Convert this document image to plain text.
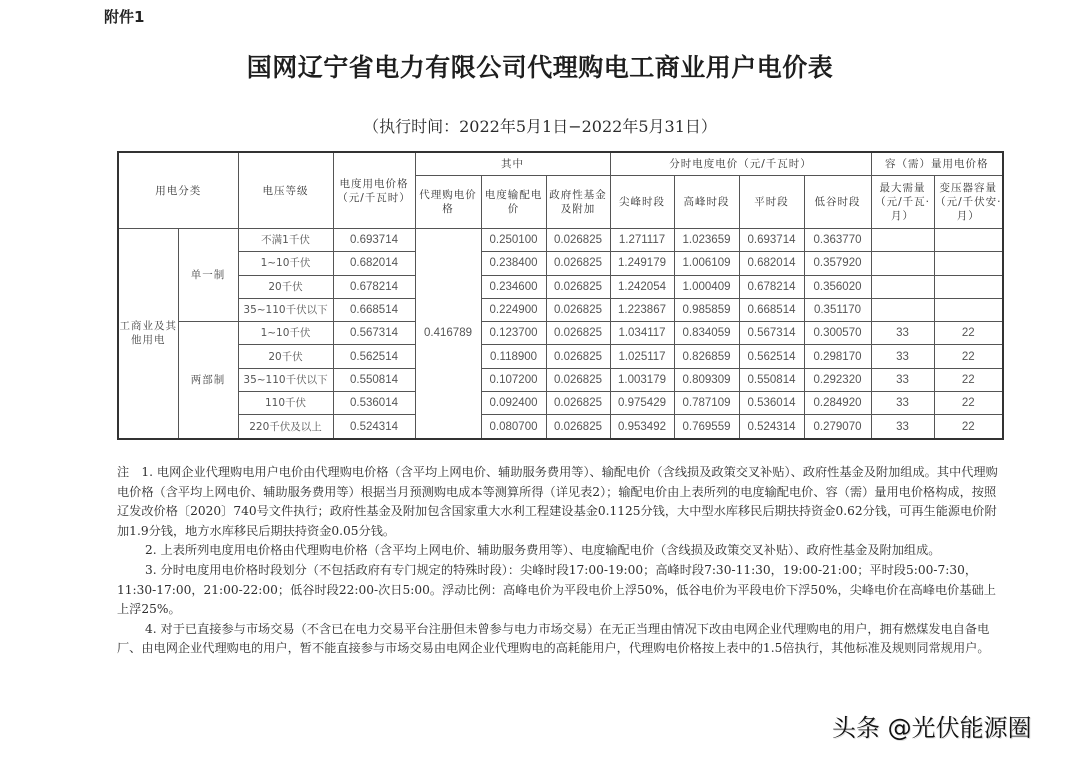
附件1
国网辽宁省电力有限公司代理购电工商业用户电价表
（执行时间：2022年5月1日−2022年5月31日）
用电分类		电压等级	电度用电价格（元/千瓦时）	其中			分时电度电价（元/千瓦时）				容（需）量用电价格	
				代理购电价格	电度输配电价	政府性基金及附加	尖峰时段	高峰时段	平时段	低谷时段	最大需量（元/千瓦·月）	变压器容量（元/千伏安·月）
工商业及其他用电	单一制	不满1千伏	0.693714	0.416789	0.250100	0.026825	1.271117	1.023659	0.693714	0.363770		
		1~10千伏	0.682014		0.238400	0.026825	1.249179	1.006109	0.682014	0.357920		
		20千伏	0.678214		0.234600	0.026825	1.242054	1.000409	0.678214	0.356020		
		35~110千伏以下	0.668514		0.224900	0.026825	1.223867	0.985859	0.668514	0.351170		
	两部制	1~10千伏	0.567314		0.123700	0.026825	1.034117	0.834059	0.567314	0.300570	33	22
		20千伏	0.562514		0.118900	0.026825	1.025117	0.826859	0.562514	0.298170	33	22
		35~110千伏以下	0.550814		0.107200	0.026825	1.003179	0.809309	0.550814	0.292320	33	22
		110千伏	0.536014		0.092400	0.026825	0.975429	0.787109	0.536014	0.284920	33	22
		220千伏及以上	0.524314		0.080700	0.026825	0.953492	0.769559	0.524314	0.279070	33	22

注　1. 电网企业代理购电用户电价由代理购电价格（含平均上网电价、辅助服务费用等）、输配电价（含线损及政策交叉补贴）、政府性基金及附加组成。其中代理购电价格（含平均上网电价、辅助服务费用等）根据当月预测购电成本等测算所得（详见表2）；输配电价由上表所列的电度输配电价、容（需）量用电价格构成，按照辽发改价格〔2020〕740号文件执行；政府性基金及附加包含国家重大水利工程建设基金0.1125分钱，大中型水库移民后期扶持资金0.62分钱，可再生能源电价附加1.9分钱，地方水库移民后期扶持资金0.05分钱。

2. 上表所列电度用电价格由代理购电价格（含平均上网电价、辅助服务费用等）、电度输配电价（含线损及政策交叉补贴）、政府性基金及附加组成。

3. 分时电度用电价格时段划分（不包括政府有专门规定的特殊时段）：尖峰时段17:00-19:00；高峰时段7:30-11:30，19:00-21:00；平时段5:00-7:30，11:30-17:00，21:00-22:00；低谷时段22:00-次日5:00。浮动比例：高峰电价为平段电价上浮50%，低谷电价为平段电价下浮50%，尖峰电价在高峰电价基础上上浮25%。

4. 对于已直接参与市场交易（不含已在电力交易平台注册但未曾参与电力市场交易）在无正当理由情况下改由电网企业代理购电的用户，拥有燃煤发电自备电厂、由电网企业代理购电的用户，暂不能直接参与市场交易由电网企业代理购电的高耗能用户，代理购电价格按上表中的1.5倍执行，其他标准及规则同常规用户。

头条 @光伏能源圈
